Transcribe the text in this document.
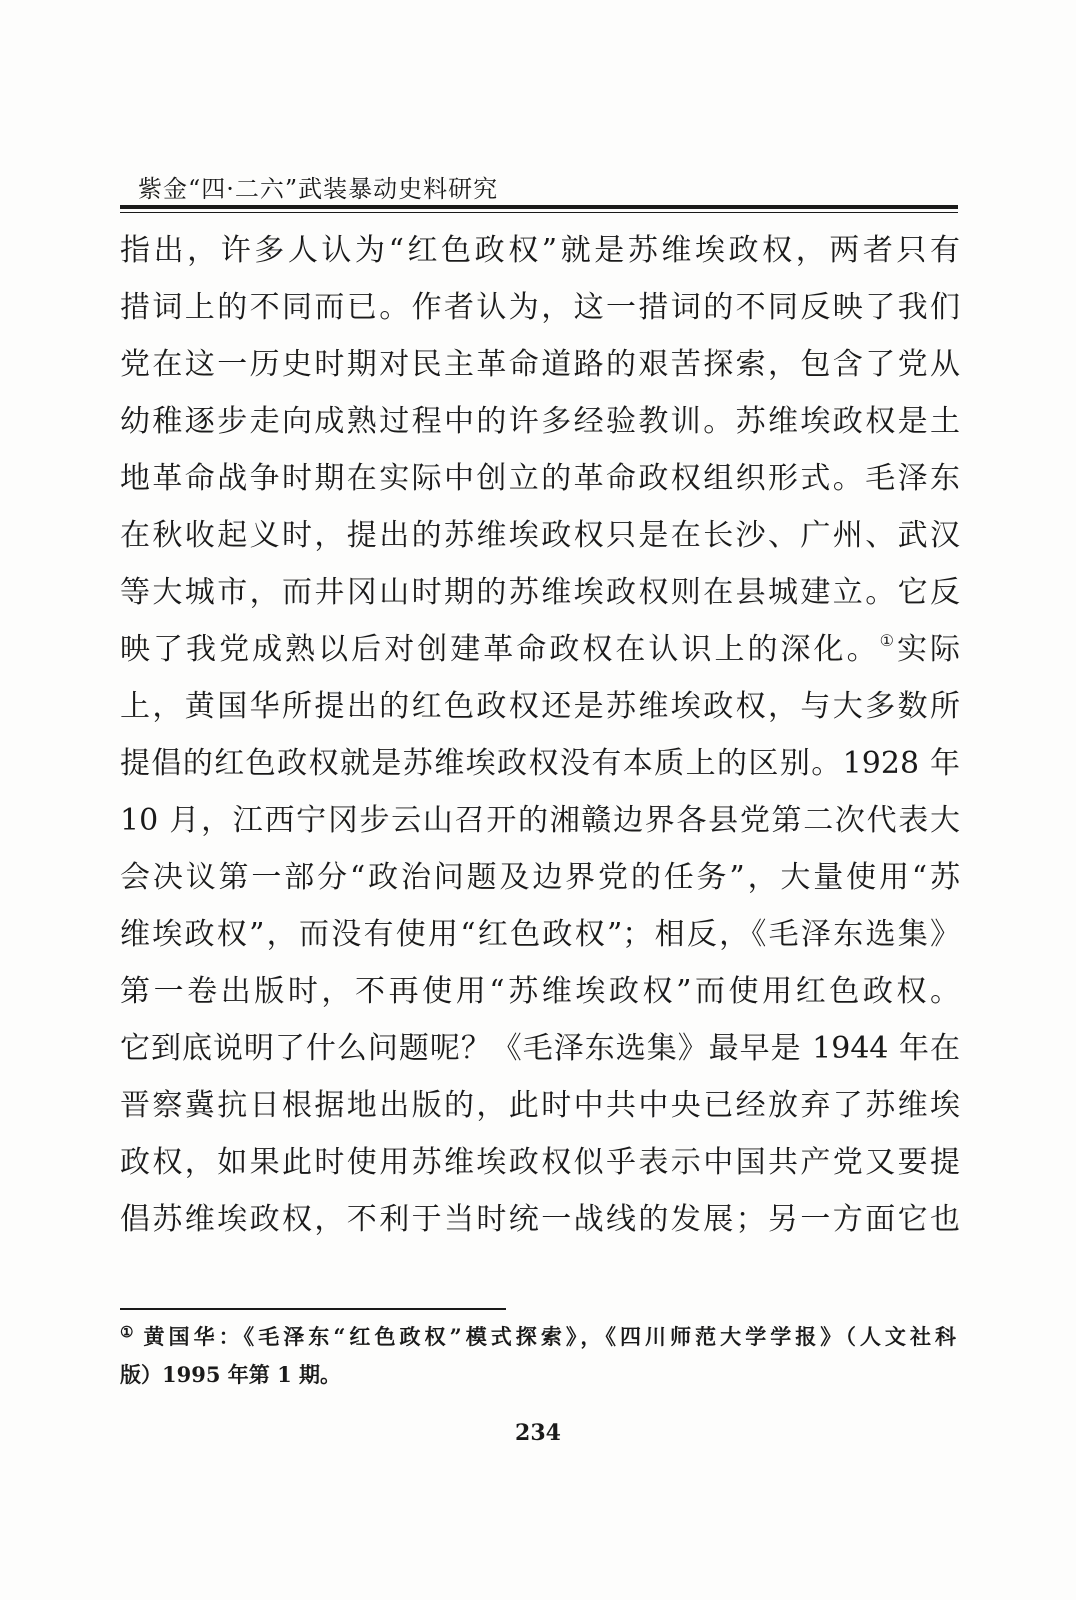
紫金“四·二六”武装暴动史料研究
指出，许多人认为“红色政权”就是苏维埃政权，两者只有
措词上的不同而已。作者认为，这一措词的不同反映了我们
党在这一历史时期对民主革命道路的艰苦探索，包含了党从
幼稚逐步走向成熟过程中的许多经验教训。苏维埃政权是土
地革命战争时期在实际中创立的革命政权组织形式。毛泽东
在秋收起义时，提出的苏维埃政权只是在长沙、广州、武汉
等大城市，而井冈山时期的苏维埃政权则在县城建立。它反
映了我党成熟以后对创建革命政权在认识上的深化。①实际
上，黄国华所提出的红色政权还是苏维埃政权，与大多数所
提倡的红色政权就是苏维埃政权没有本质上的区别。1928 年
10 月，江西宁冈步云山召开的湘赣边界各县党第二次代表大
会决议第一部分“政治问题及边界党的任务”，大量使用“苏
维埃政权”，而没有使用“红色政权”；相反，《毛泽东选集》
第一卷出版时，不再使用“苏维埃政权”而使用红色政权。
它到底说明了什么问题呢？《毛泽东选集》最早是 1944 年在
晋察冀抗日根据地出版的，此时中共中央已经放弃了苏维埃
政权，如果此时使用苏维埃政权似乎表示中国共产党又要提
倡苏维埃政权，不利于当时统一战线的发展；另一方面它也
① 黄国华：《毛泽东“红色政权”模式探索》，《四川师范大学学报》（人文社科
版）1995 年第 1 期。
234
